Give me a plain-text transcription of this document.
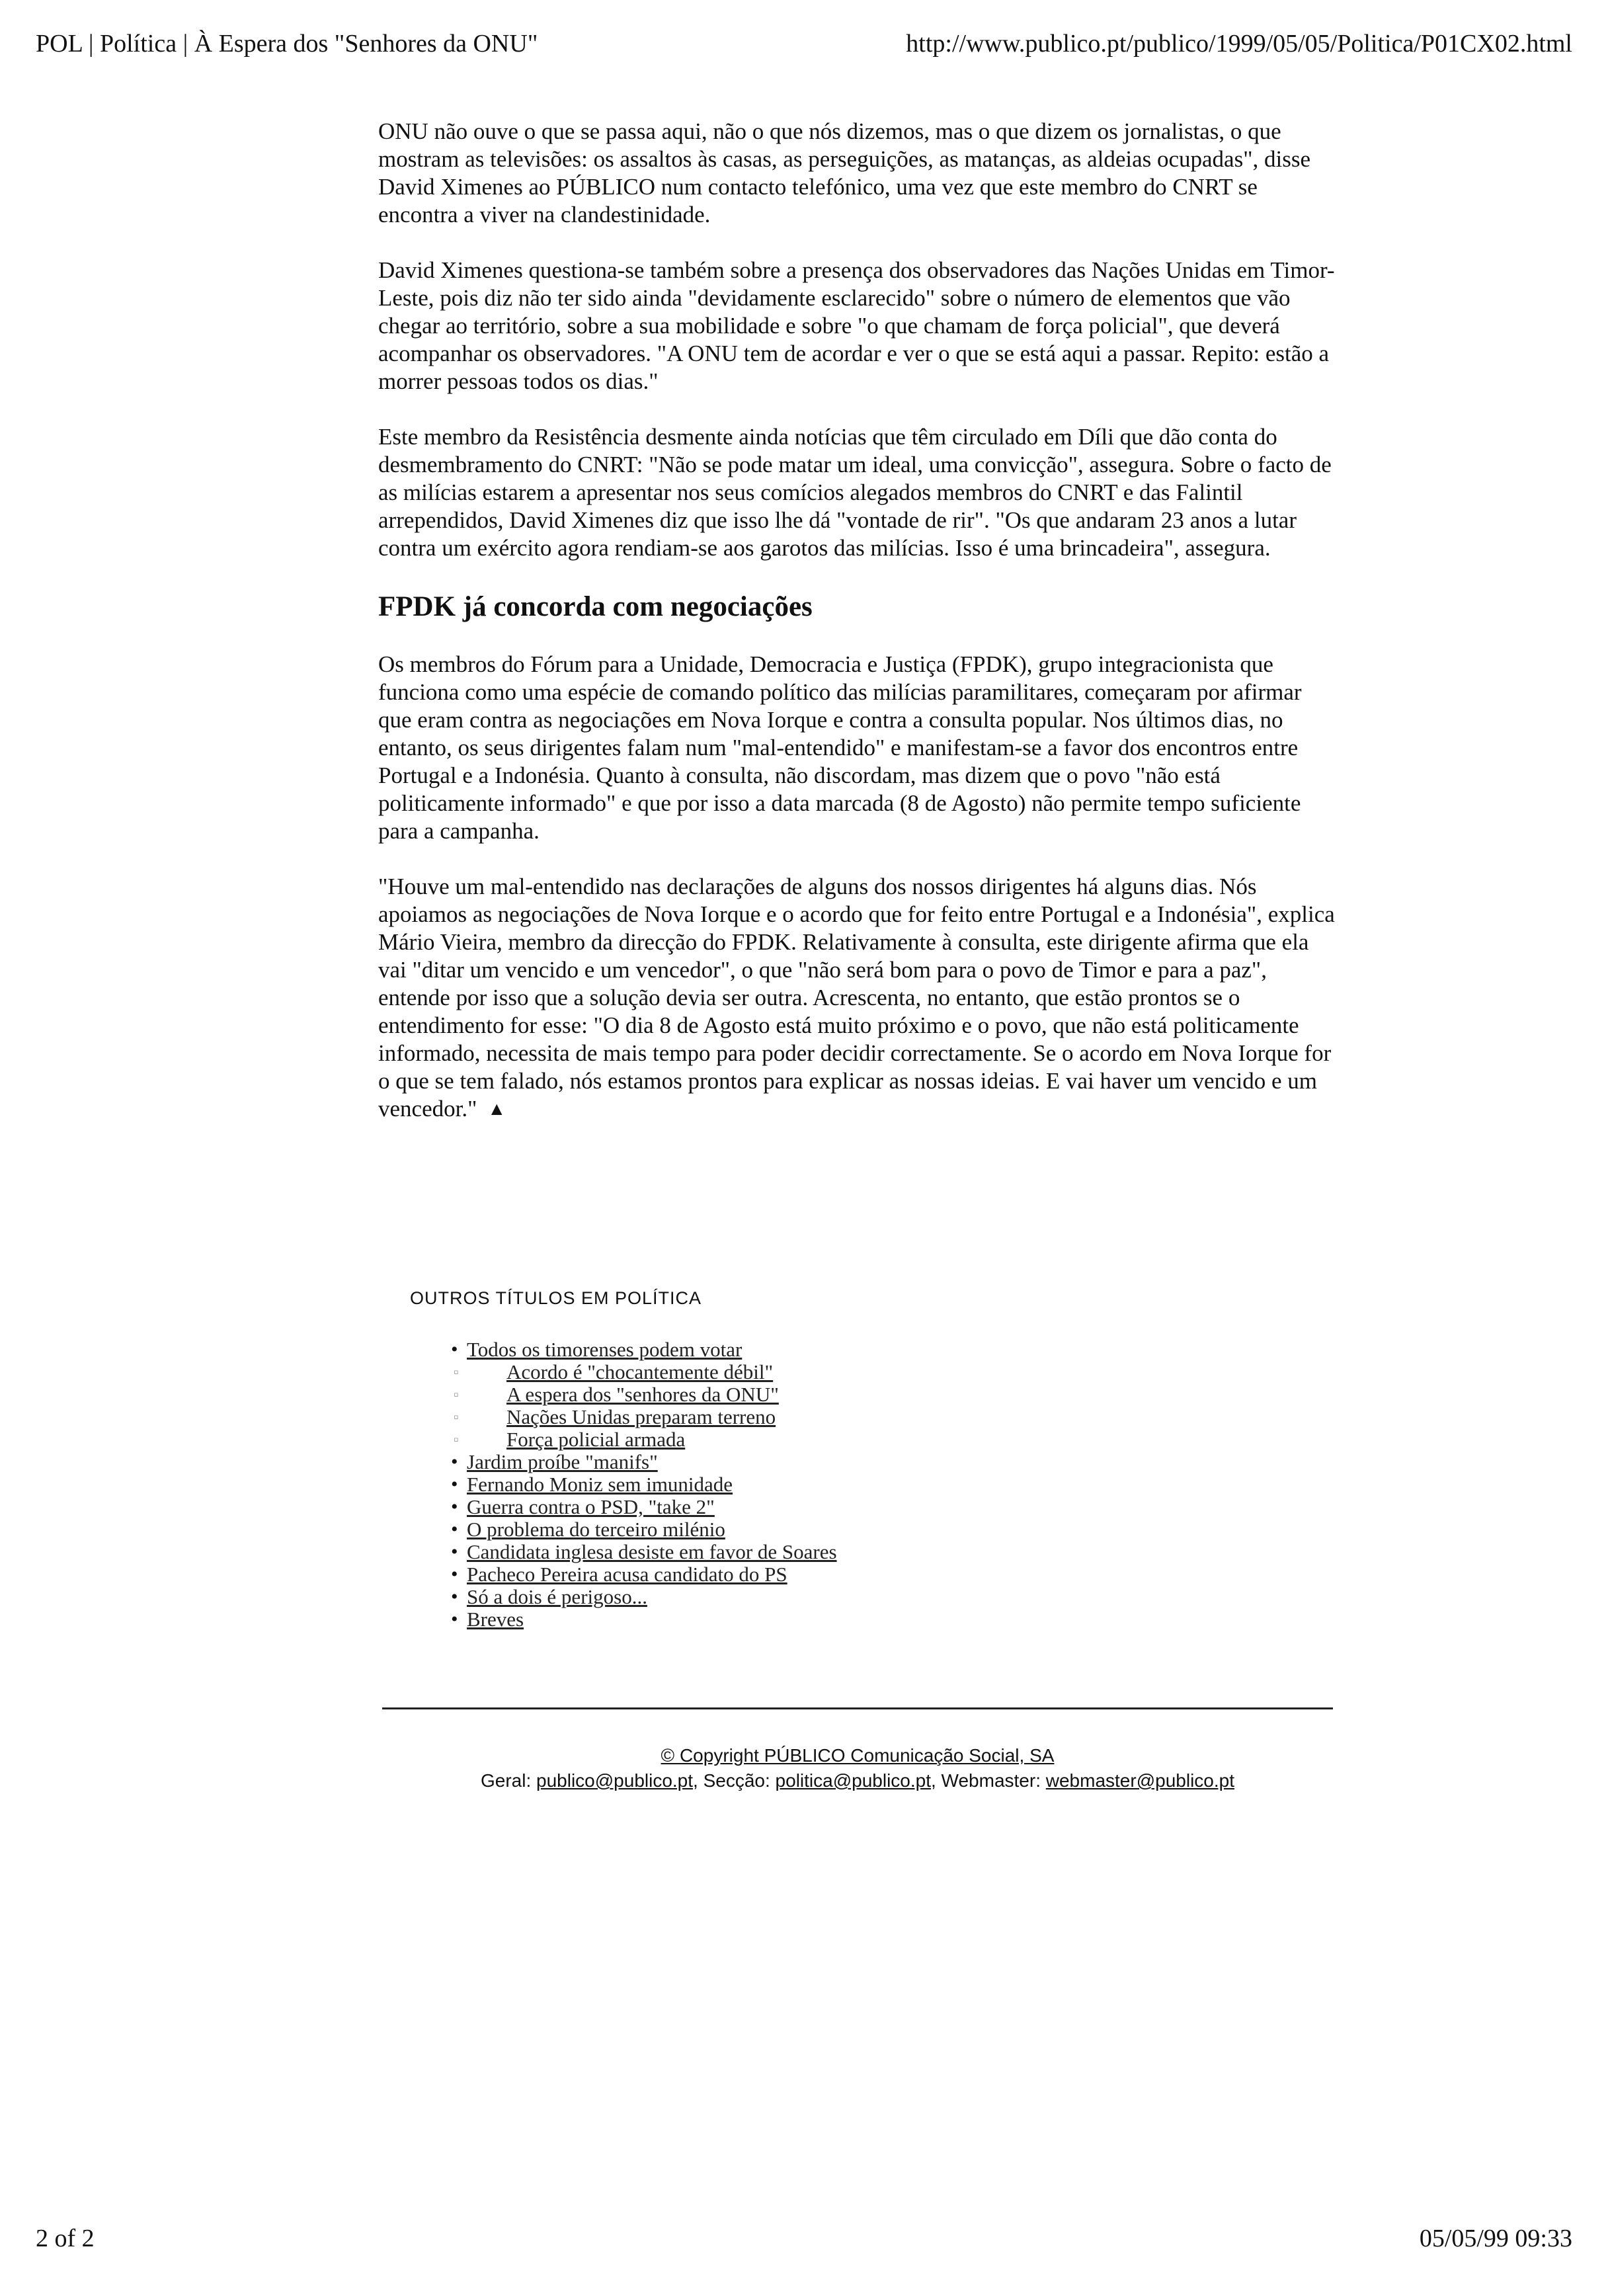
POL | Política | À Espera dos "Senhores da ONU"	http://www.publico.pt/publico/1999/05/05/Politica/P01CX02.html

ONU não ouve o que se passa aqui, não o que nós dizemos, mas o que dizem os jornalistas, o que mostram as televisões: os assaltos às casas, as perseguições, as matanças, as aldeias ocupadas", disse David Ximenes ao PÚBLICO num contacto telefónico, uma vez que este membro do CNRT se encontra a viver na clandestinidade.

David Ximenes questiona-se também sobre a presença dos observadores das Nações Unidas em Timor-Leste, pois diz não ter sido ainda "devidamente esclarecido" sobre o número de elementos que vão chegar ao território, sobre a sua mobilidade e sobre "o que chamam de força policial", que deverá acompanhar os observadores. "A ONU tem de acordar e ver o que se está aqui a passar. Repito: estão a morrer pessoas todos os dias."

Este membro da Resistência desmente ainda notícias que têm circulado em Díli que dão conta do desmembramento do CNRT: "Não se pode matar um ideal, uma convicção", assegura. Sobre o facto de as milícias estarem a apresentar nos seus comícios alegados membros do CNRT e das Falintil arrependidos, David Ximenes diz que isso lhe dá "vontade de rir". "Os que andaram 23 anos a lutar contra um exército agora rendiam-se aos garotos das milícias. Isso é uma brincadeira", assegura.

FPDK já concorda com negociações

Os membros do Fórum para a Unidade, Democracia e Justiça (FPDK), grupo integracionista que funciona como uma espécie de comando político das milícias paramilitares, começaram por afirmar que eram contra as negociações em Nova Iorque e contra a consulta popular. Nos últimos dias, no entanto, os seus dirigentes falam num "mal-entendido" e manifestam-se a favor dos encontros entre Portugal e a Indonésia. Quanto à consulta, não discordam, mas dizem que o povo "não está politicamente informado" e que por isso a data marcada (8 de Agosto) não permite tempo suficiente para a campanha.

"Houve um mal-entendido nas declarações de alguns dos nossos dirigentes há alguns dias. Nós apoiamos as negociações de Nova Iorque e o acordo que for feito entre Portugal e a Indonésia", explica Mário Vieira, membro da direcção do FPDK. Relativamente à consulta, este dirigente afirma que ela vai "ditar um vencido e um vencedor", o que "não será bom para o povo de Timor e para a paz", entende por isso que a solução devia ser outra. Acrescenta, no entanto, que estão prontos se o entendimento for esse: "O dia 8 de Agosto está muito próximo e o povo, que não está politicamente informado, necessita de mais tempo para poder decidir correctamente. Se o acordo em Nova Iorque for o que se tem falado, nós estamos prontos para explicar as nossas ideias. E vai haver um vencido e um vencedor." ▲

OUTROS TÍTULOS EM POLÍTICA
• Todos os timorenses podem votar
▫ Acordo é "chocantemente débil"
▫ A espera dos "senhores da ONU"
▫ Nações Unidas preparam terreno
▫ Força policial armada
• Jardim proíbe "manifs"
• Fernando Moniz sem imunidade
• Guerra contra o PSD, "take 2"
• O problema do terceiro milénio
• Candidata inglesa desiste em favor de Soares
• Pacheco Pereira acusa candidato do PS
• Só a dois é perigoso...
• Breves
© Copyright PÚBLICO Comunicação Social, SA
Geral: publico@publico.pt, Secção: politica@publico.pt, Webmaster: webmaster@publico.pt
2 of 2	05/05/99 09:33
